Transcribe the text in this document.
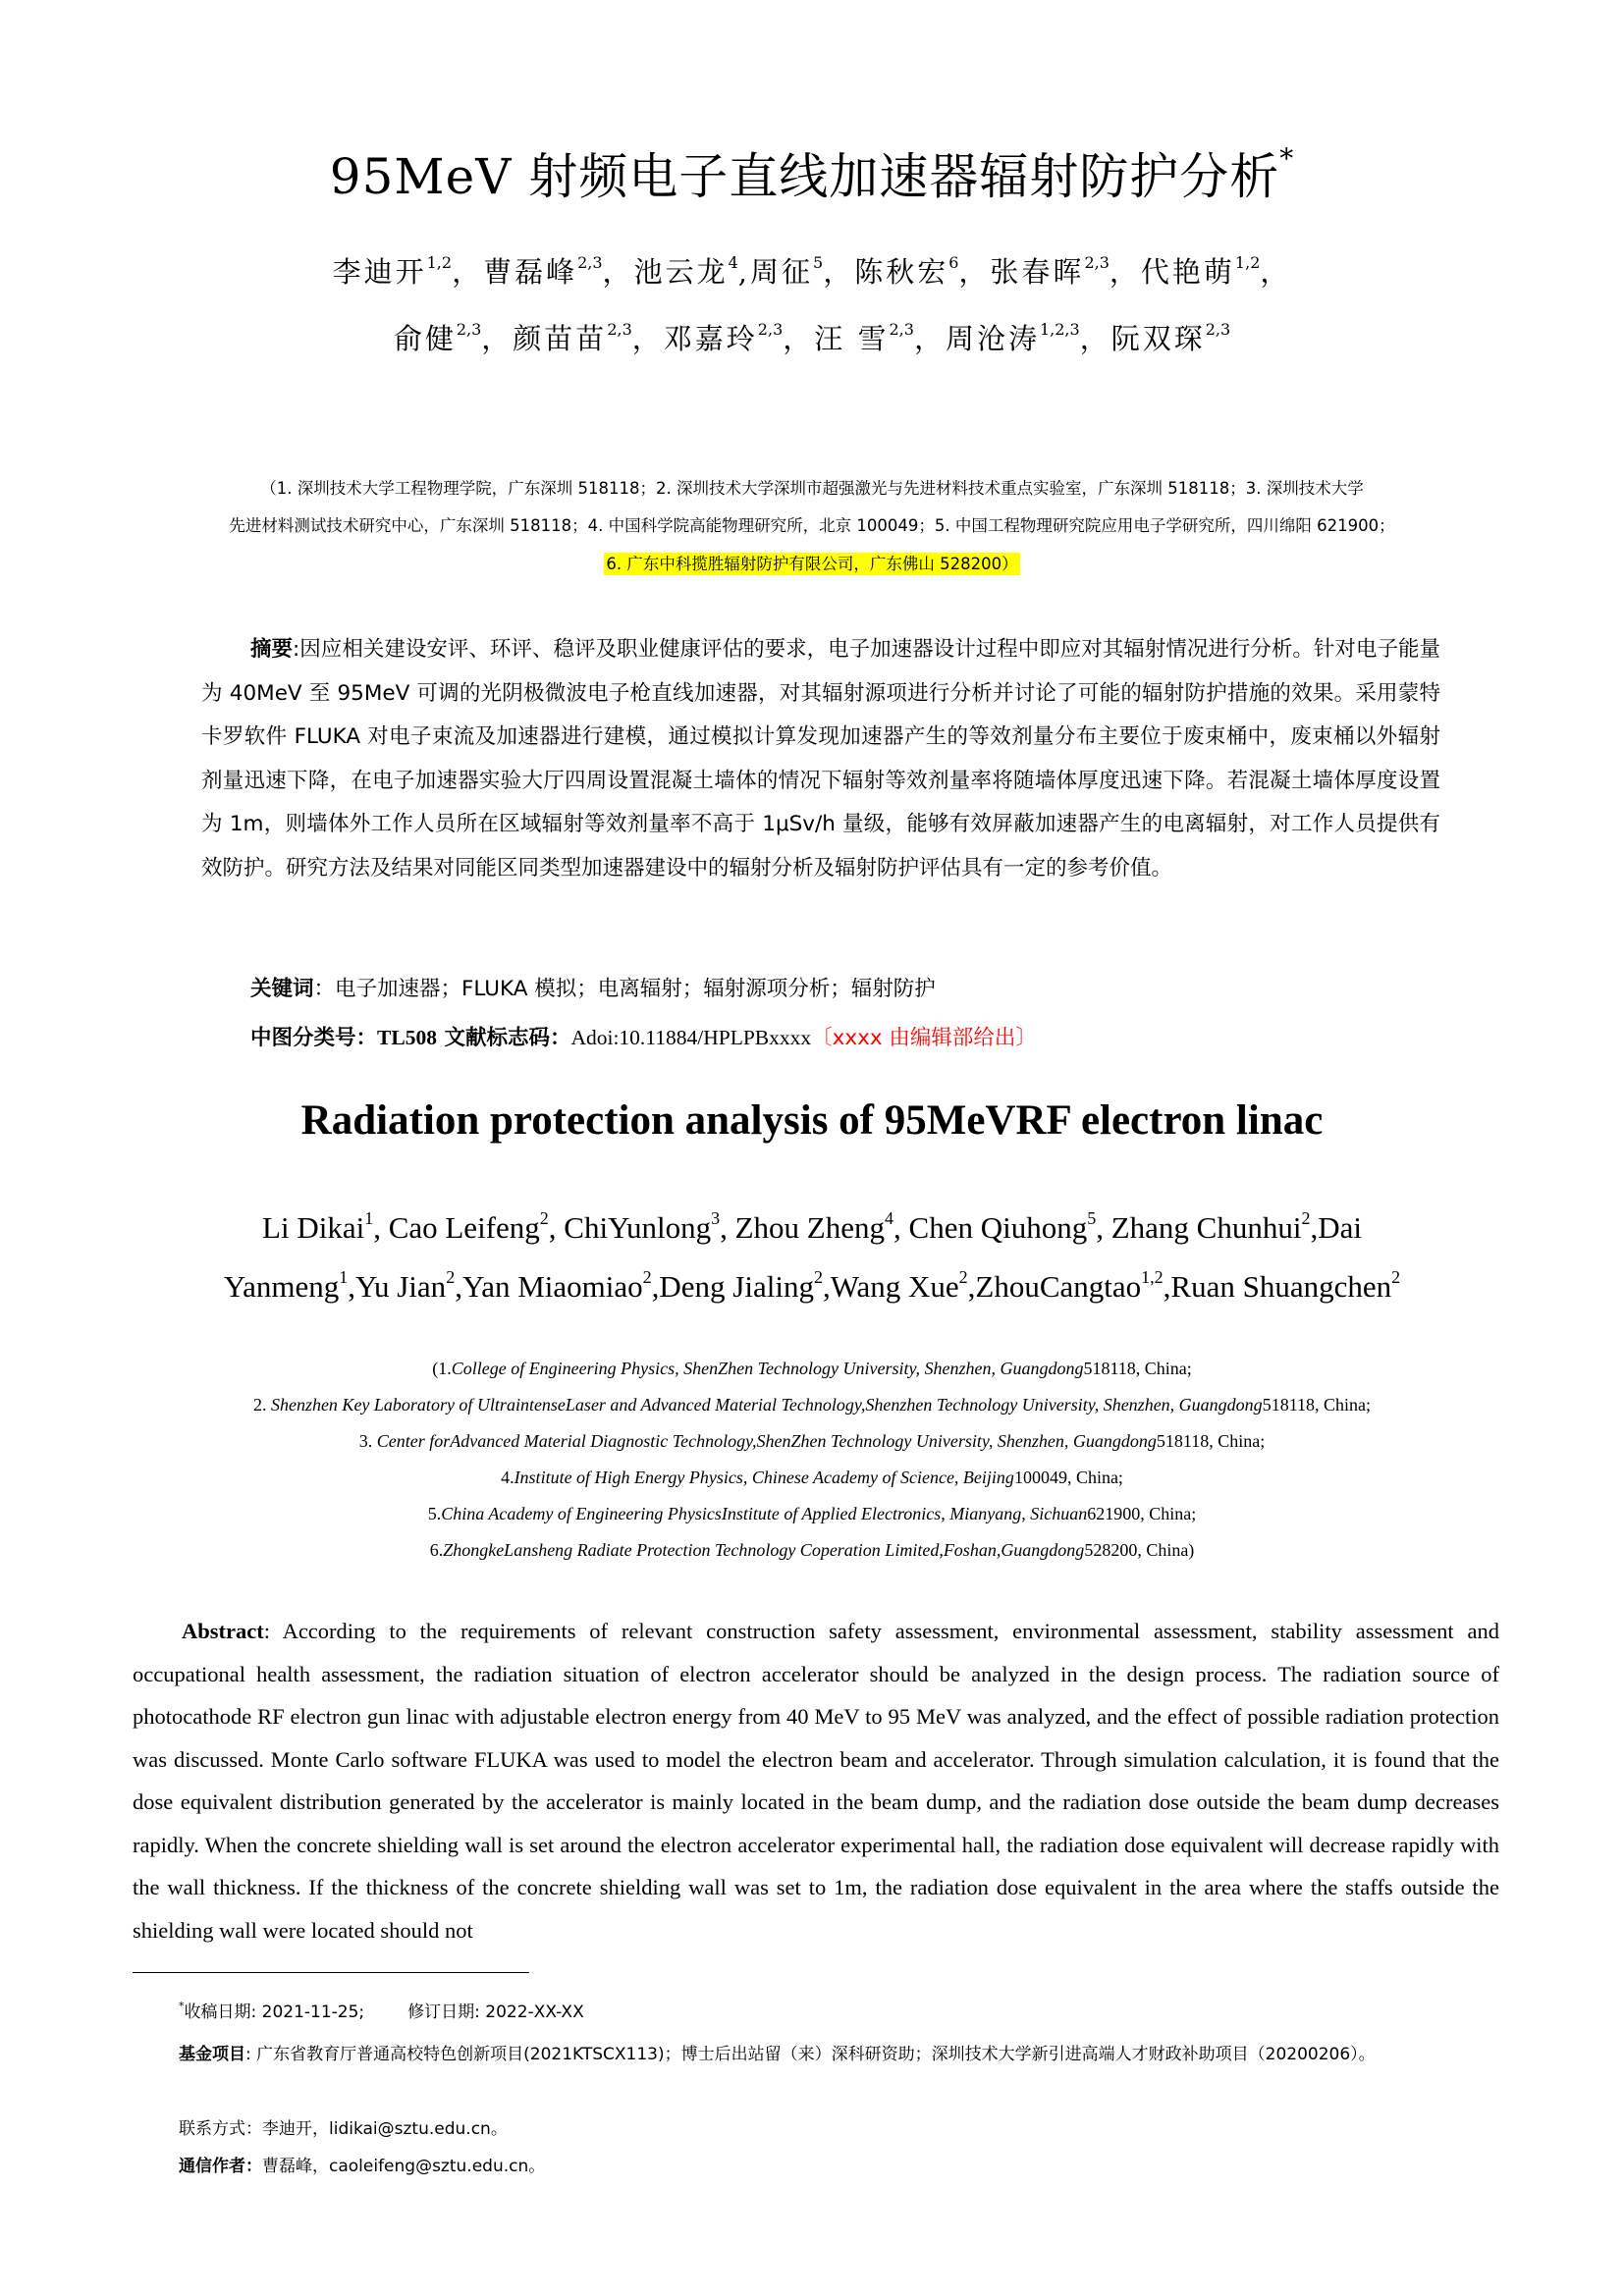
95MeV 射频电子直线加速器辐射防护分析*
李迪开$^{1,2}$，曹磊峰$^{2,3}$，池云龙$^4$,周征$^5$，陈秋宏$^6$，张春晖$^{2,3}$，代艳萌$^{1,2}$，
俞健$^{2,3}$，颜苗苗$^{2,3}$，邓嘉玲$^{2,3}$，汪 雪$^{2,3}$，周沧涛$^{1,2,3}$，阮双琛$^{2,3}$
（1. 深圳技术大学工程物理学院，广东深圳 518118；2. 深圳技术大学深圳市超强激光与先进材料技术重点实验室，广东深圳 518118；3. 深圳技术大学
先进材料测试技术研究中心，广东深圳 518118；4. 中国科学院高能物理研究所，北京 100049；5. 中国工程物理研究院应用电子学研究所，四川绵阳 621900；
6. 广东中科揽胜辐射防护有限公司，广东佛山 528200）
摘要:因应相关建设安评、环评、稳评及职业健康评估的要求，电子加速器设计过程中即应对其辐射情况进行分析。针对电子能量为 40MeV 至 95MeV 可调的光阴极微波电子枪直线加速器，对其辐射源项进行分析并讨论了可能的辐射防护措施的效果。采用蒙特卡罗软件 FLUKA 对电子束流及加速器进行建模，通过模拟计算发现加速器产生的等效剂量分布主要位于废束桶中，废束桶以外辐射剂量迅速下降，在电子加速器实验大厅四周设置混凝土墙体的情况下辐射等效剂量率将随墙体厚度迅速下降。若混凝土墙体厚度设置为 1m，则墙体外工作人员所在区域辐射等效剂量率不高于 1μSv/h 量级，能够有效屏蔽加速器产生的电离辐射，对工作人员提供有效防护。研究方法及结果对同能区同类型加速器建设中的辐射分析及辐射防护评估具有一定的参考价值。
关键词：电子加速器；FLUKA 模拟；电离辐射；辐射源项分析；辐射防护
中图分类号：TL508 文献标志码：Adoi:10.11884/HPLPBxxxx〔xxxx 由编辑部给出〕
Radiation protection analysis of 95MeVRF electron linac
Li Dikai$^1$, Cao Leifeng$^2$, ChiYunlong$^3$, Zhou Zheng$^4$, Chen Qiuhong$^5$, Zhang Chunhui$^2$,Dai
Yanmeng$^1$,Yu Jian$^2$,Yan Miaomiao$^2$,Deng Jialing$^2$,Wang Xue$^2$,ZhouCangtao$^{1,2}$,Ruan Shuangchen$^2$
(1.College of Engineering Physics, ShenZhen Technology University, Shenzhen, Guangdong518118, China;
2. Shenzhen Key Laboratory of UltraintenseLaser and Advanced Material Technology,Shenzhen Technology University, Shenzhen, Guangdong518118, China;
3. Center forAdvanced Material Diagnostic Technology,ShenZhen Technology University, Shenzhen, Guangdong518118, China;
4.Institute of High Energy Physics, Chinese Academy of Science, Beijing100049, China;
5.China Academy of Engineering PhysicsInstitute of Applied Electronics, Mianyang, Sichuan621900, China;
6.ZhongkeLansheng Radiate Protection Technology Coperation Limited,Foshan,Guangdong528200, China)
Abstract: According to the requirements of relevant construction safety assessment, environmental assessment, stability assessment and occupational health assessment, the radiation situation of electron accelerator should be analyzed in the design process. The radiation source of photocathode RF electron gun linac with adjustable electron energy from 40 MeV to 95 MeV was analyzed, and the effect of possible radiation protection was discussed. Monte Carlo software FLUKA was used to model the electron beam and accelerator. Through simulation calculation, it is found that the dose equivalent distribution generated by the accelerator is mainly located in the beam dump, and the radiation dose outside the beam dump decreases rapidly. When the concrete shielding wall is set around the electron accelerator experimental hall, the radiation dose equivalent will decrease rapidly with the wall thickness. If the thickness of the concrete shielding wall was set to 1m, the radiation dose equivalent in the area where the staffs outside the shielding wall were located should not
*收稿日期: 2021-11-25;	修订日期: 2022-XX-XX
基金项目: 广东省教育厅普通高校特色创新项目(2021KTSCX113)；博士后出站留（来）深科研资助；深圳技术大学新引进高端人才财政补助项目（20200206）。
联系方式：李迪开，lidikai@sztu.edu.cn。
通信作者：曹磊峰，caoleifeng@sztu.edu.cn。
